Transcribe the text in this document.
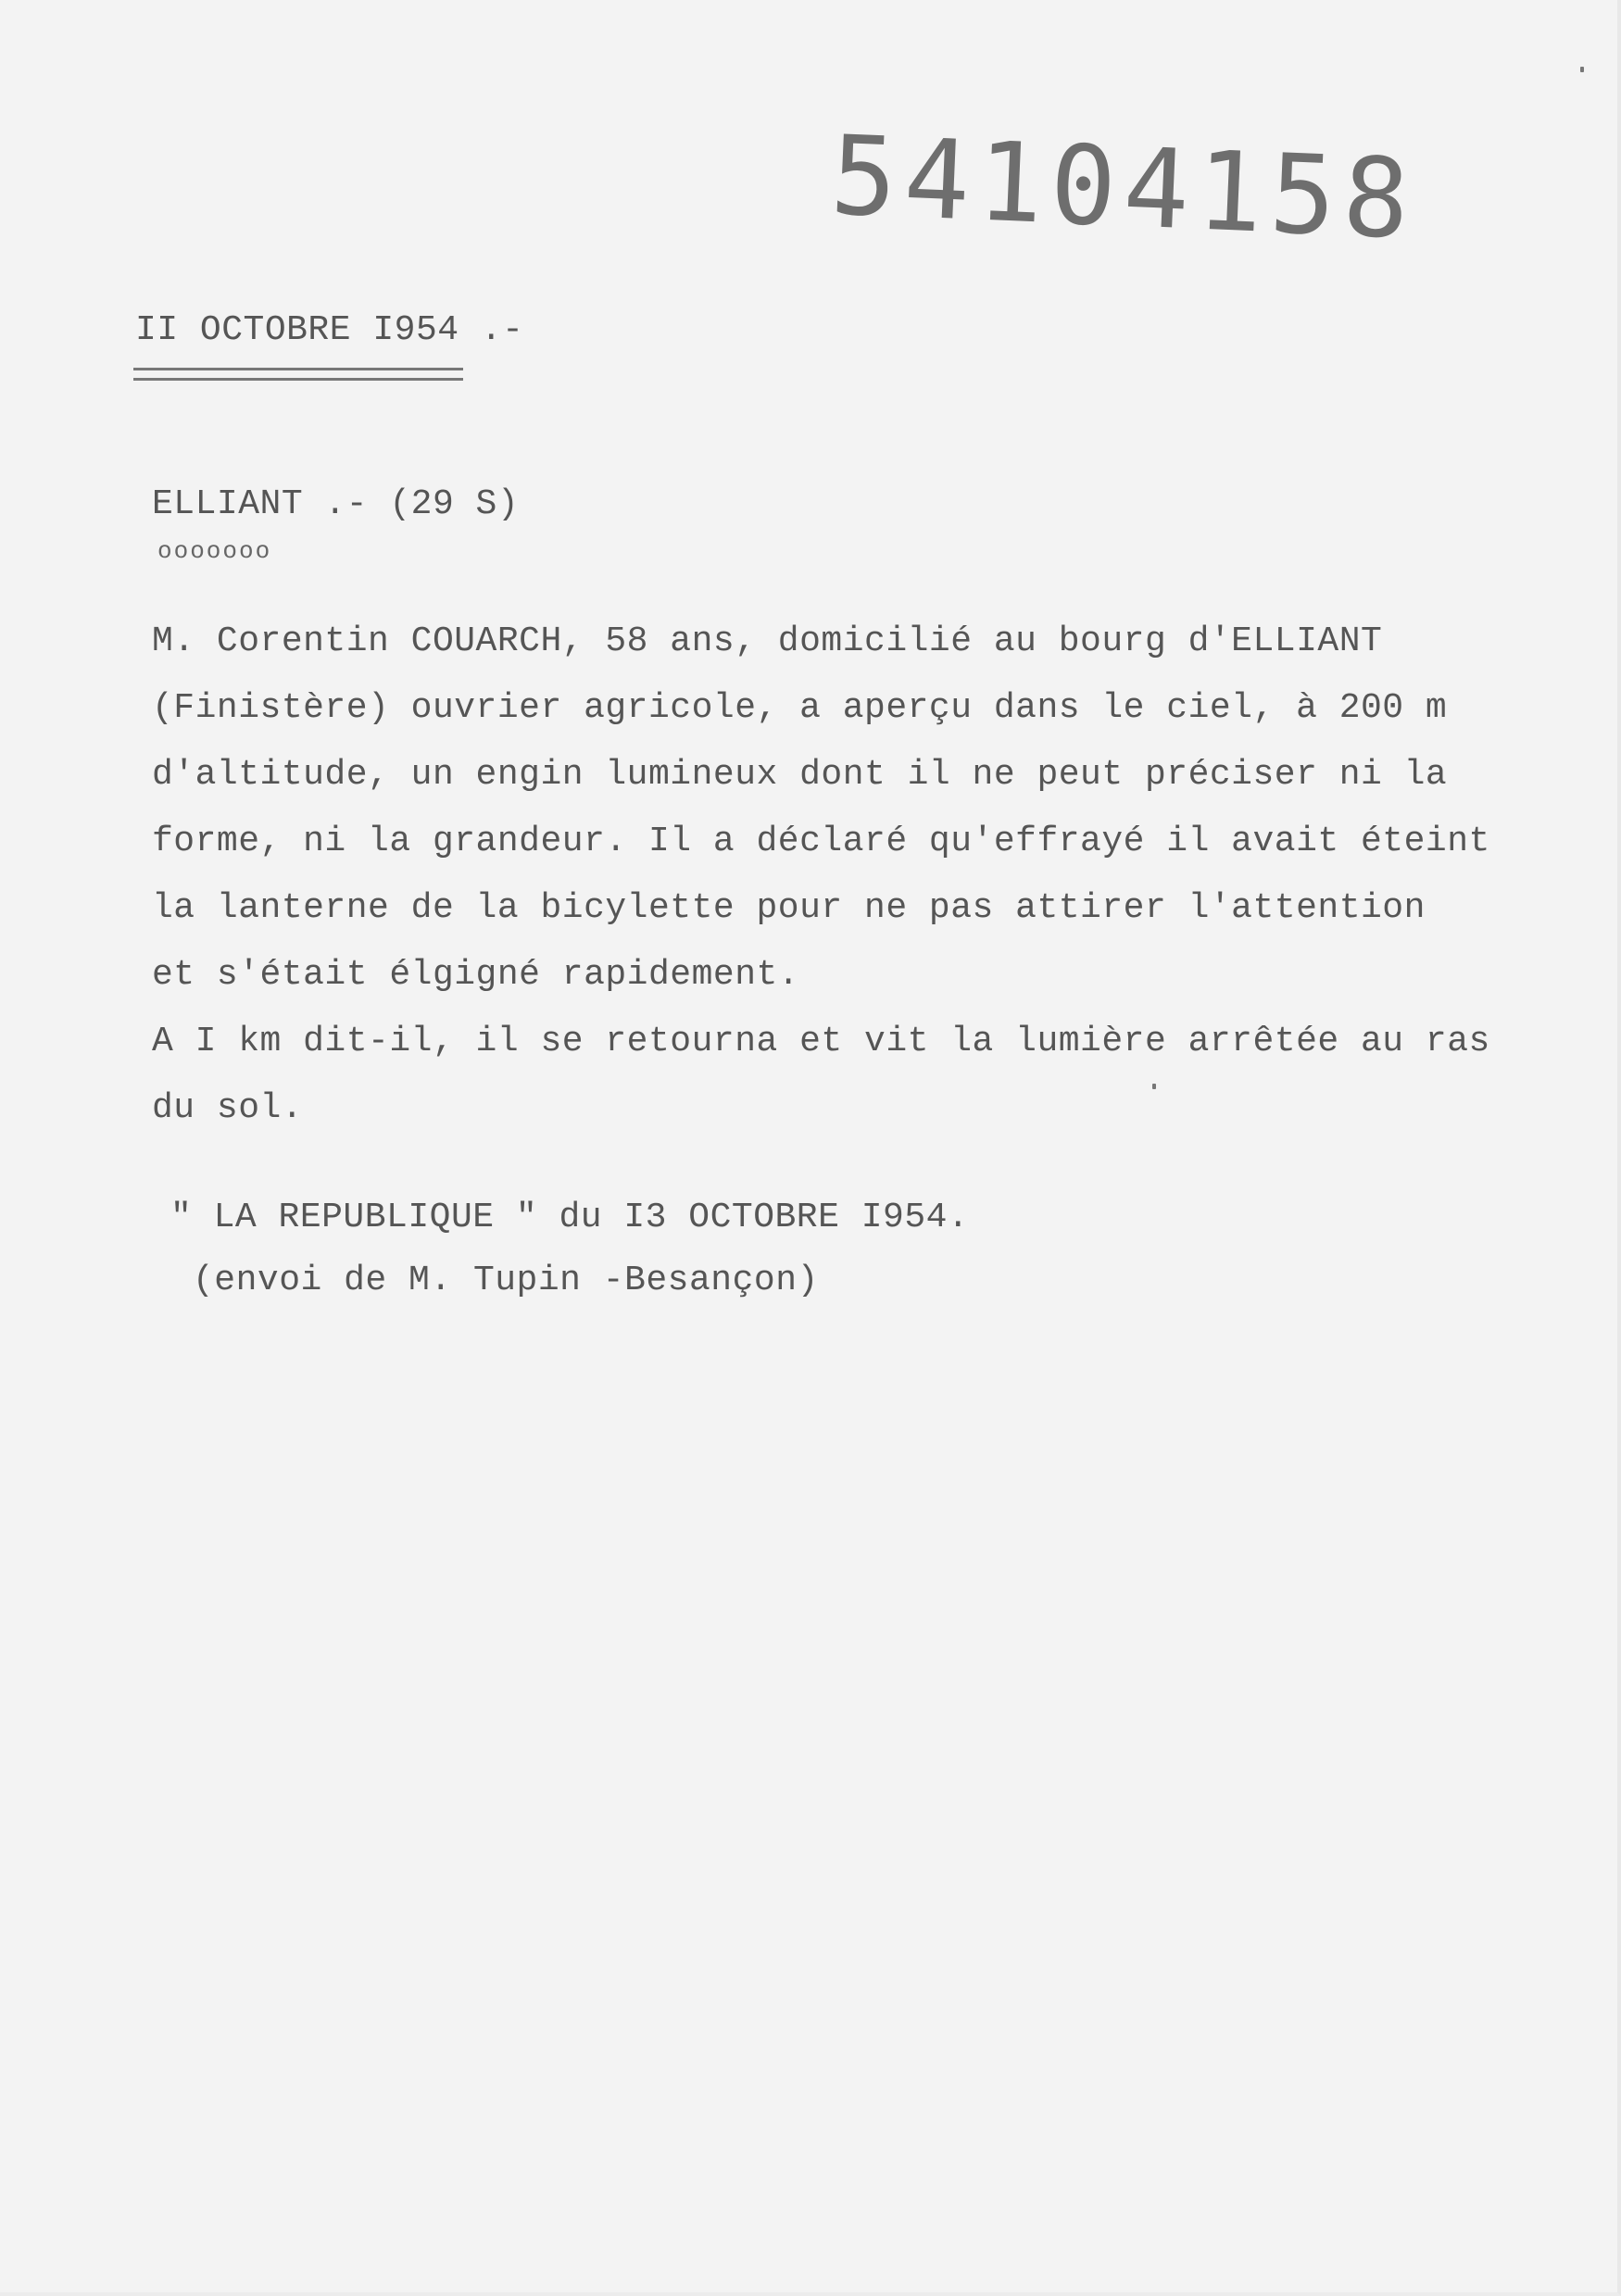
54104158
II OCTOBRE I954 .-
ELLIANT .- (29 S)
ooooooo
M. Corentin COUARCH, 58 ans, domicilié au bourg d'ELLIANT
(Finistère) ouvrier agricole, a aperçu dans le ciel, à 200 m
d'altitude, un engin lumineux dont il ne peut préciser ni la
forme, ni la grandeur. Il a déclaré qu'effrayé il avait éteint
la lanterne de la bicylette pour ne pas attirer l'attention
et s'était élgigné rapidement.
A I km dit-il, il se retourna et vit la lumière arrêtée au ras
du sol.
" LA REPUBLIQUE " du I3 OCTOBRE I954.
(envoi de M. Tupin -Besançon)
